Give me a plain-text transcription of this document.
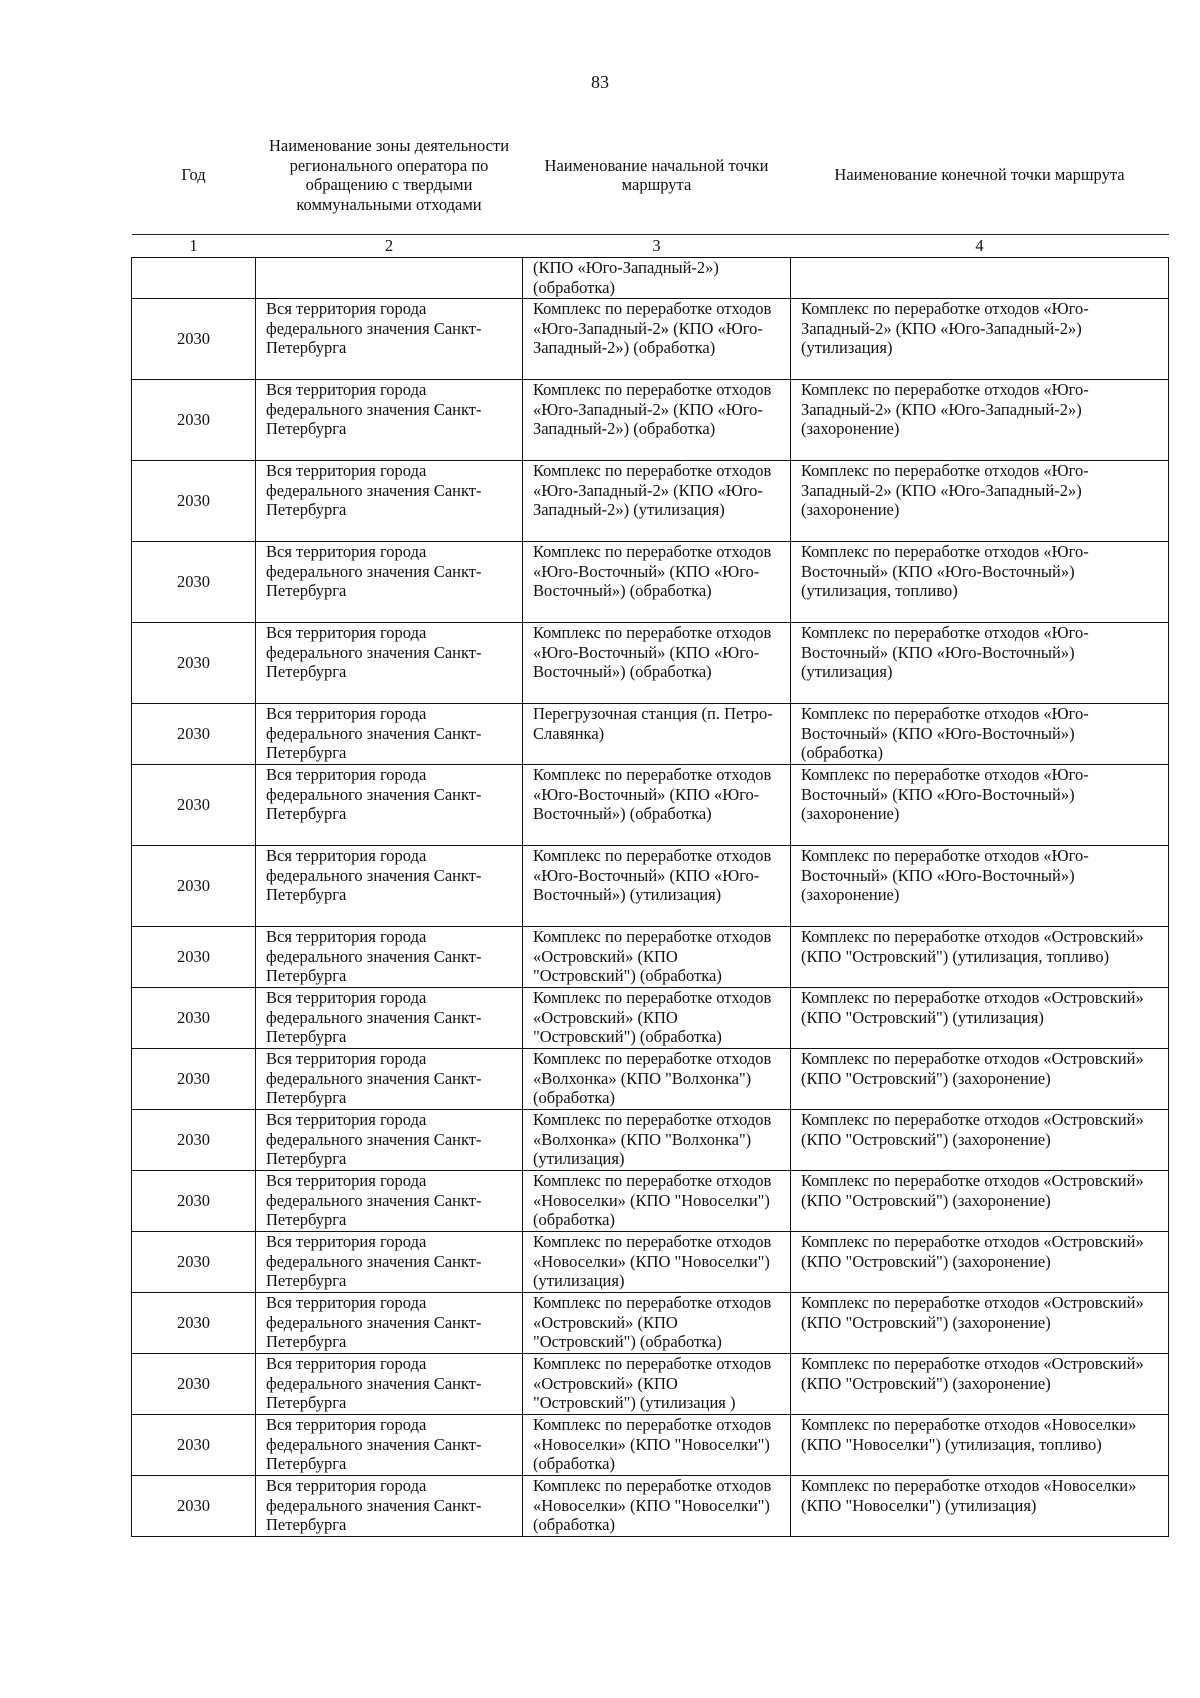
83
Год	Наименование зоны деятельности регионального оператора по обращению с твердыми коммунальными отходами	Наименование начальной точки маршрута	Наименование конечной точки маршрута
1	2	3	4
		(КПО «Юго-Западный-2») (обработка)	
2030	Вся территория города федерального значения Санкт-Петербурга	Комплекс по переработке отходов «Юго-Западный-2» (КПО «Юго-Западный-2») (обработка)	Комплекс по переработке отходов «Юго-Западный-2» (КПО «Юго-Западный-2») (утилизация)
2030	Вся территория города федерального значения Санкт-Петербурга	Комплекс по переработке отходов «Юго-Западный-2» (КПО «Юго-Западный-2») (обработка)	Комплекс по переработке отходов «Юго-Западный-2» (КПО «Юго-Западный-2») (захоронение)
2030	Вся территория города федерального значения Санкт-Петербурга	Комплекс по переработке отходов «Юго-Западный-2» (КПО «Юго-Западный-2») (утилизация)	Комплекс по переработке отходов «Юго-Западный-2» (КПО «Юго-Западный-2») (захоронение)
2030	Вся территория города федерального значения Санкт-Петербурга	Комплекс по переработке отходов «Юго-Восточный» (КПО «Юго-Восточный») (обработка)	Комплекс по переработке отходов «Юго-Восточный» (КПО «Юго-Восточный») (утилизация, топливо)
2030	Вся территория города федерального значения Санкт-Петербурга	Комплекс по переработке отходов «Юго-Восточный» (КПО «Юго-Восточный») (обработка)	Комплекс по переработке отходов «Юго-Восточный» (КПО «Юго-Восточный») (утилизация)
2030	Вся территория города федерального значения Санкт-Петербурга	Перегрузочная станция (п. Петро-Славянка)	Комплекс по переработке отходов «Юго-Восточный» (КПО «Юго-Восточный») (обработка)
2030	Вся территория города федерального значения Санкт-Петербурга	Комплекс по переработке отходов «Юго-Восточный» (КПО «Юго-Восточный») (обработка)	Комплекс по переработке отходов «Юго-Восточный» (КПО «Юго-Восточный») (захоронение)
2030	Вся территория города федерального значения Санкт-Петербурга	Комплекс по переработке отходов «Юго-Восточный» (КПО «Юго-Восточный») (утилизация)	Комплекс по переработке отходов «Юго-Восточный» (КПО «Юго-Восточный») (захоронение)
2030	Вся территория города федерального значения Санкт-Петербурга	Комплекс по переработке отходов «Островский» (КПО "Островский") (обработка)	Комплекс по переработке отходов «Островский» (КПО "Островский") (утилизация, топливо)
2030	Вся территория города федерального значения Санкт-Петербурга	Комплекс по переработке отходов «Островский» (КПО "Островский") (обработка)	Комплекс по переработке отходов «Островский» (КПО "Островский") (утилизация)
2030	Вся территория города федерального значения Санкт-Петербурга	Комплекс по переработке отходов «Волхонка» (КПО "Волхонка") (обработка)	Комплекс по переработке отходов «Островский» (КПО "Островский") (захоронение)
2030	Вся территория города федерального значения Санкт-Петербурга	Комплекс по переработке отходов «Волхонка» (КПО "Волхонка") (утилизация)	Комплекс по переработке отходов «Островский» (КПО "Островский") (захоронение)
2030	Вся территория города федерального значения Санкт-Петербурга	Комплекс по переработке отходов «Новоселки» (КПО "Новоселки") (обработка)	Комплекс по переработке отходов «Островский» (КПО "Островский") (захоронение)
2030	Вся территория города федерального значения Санкт-Петербурга	Комплекс по переработке отходов «Новоселки» (КПО "Новоселки") (утилизация)	Комплекс по переработке отходов «Островский» (КПО "Островский") (захоронение)
2030	Вся территория города федерального значения Санкт-Петербурга	Комплекс по переработке отходов «Островский» (КПО "Островский") (обработка)	Комплекс по переработке отходов «Островский» (КПО "Островский") (захоронение)
2030	Вся территория города федерального значения Санкт-Петербурга	Комплекс по переработке отходов «Островский» (КПО "Островский") (утилизация )	Комплекс по переработке отходов «Островский» (КПО "Островский") (захоронение)
2030	Вся территория города федерального значения Санкт-Петербурга	Комплекс по переработке отходов «Новоселки» (КПО "Новоселки") (обработка)	Комплекс по переработке отходов «Новоселки» (КПО "Новоселки") (утилизация, топливо)
2030	Вся территория города федерального значения Санкт-Петербурга	Комплекс по переработке отходов «Новоселки» (КПО "Новоселки") (обработка)	Комплекс по переработке отходов «Новоселки» (КПО "Новоселки") (утилизация)
